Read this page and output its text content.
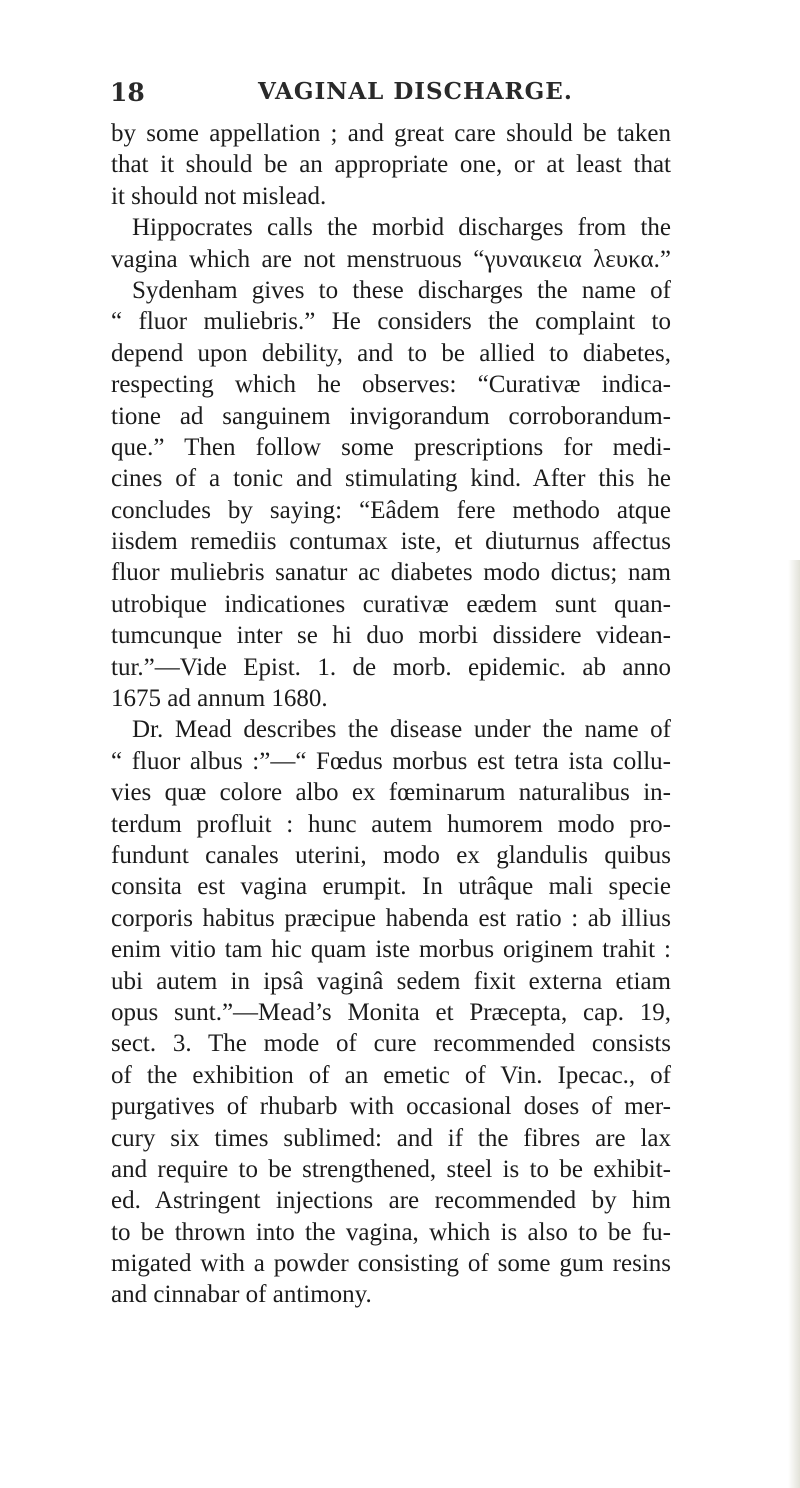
18	VAGINAL DISCHARGE.
by some appellation ; and great care should be taken
that it should be an appropriate one, or at least that
it should not mislead.
Hippocrates calls the morbid discharges from the
vagina which are not menstruous “γυναικεια λευκα.”
Sydenham gives to these discharges the name of
“ fluor muliebris.” He considers the complaint to
depend upon debility, and to be allied to diabetes,
respecting which he observes: “Curativæ indica-
tione ad sanguinem invigorandum corroborandum-
que.” Then follow some prescriptions for medi-
cines of a tonic and stimulating kind. After this he
concludes by saying: “Eâdem fere methodo atque
iisdem remediis contumax iste, et diuturnus affectus
fluor muliebris sanatur ac diabetes modo dictus; nam
utrobique indicationes curativæ eædem sunt quan-
tumcunque inter se hi duo morbi dissidere videan-
tur.”—Vide Epist. 1. de morb. epidemic. ab anno
1675 ad annum 1680.
Dr. Mead describes the disease under the name of
“ fluor albus :”—“ Fœdus morbus est tetra ista collu-
vies quæ colore albo ex fœminarum naturalibus in-
terdum profluit : hunc autem humorem modo pro-
fundunt canales uterini, modo ex glandulis quibus
consita est vagina erumpit. In utrâque mali specie
corporis habitus præcipue habenda est ratio : ab illius
enim vitio tam hic quam iste morbus originem trahit :
ubi autem in ipsâ vaginâ sedem fixit externa etiam
opus sunt.”—Mead’s Monita et Præcepta, cap. 19,
sect. 3. The mode of cure recommended consists
of the exhibition of an emetic of Vin. Ipecac., of
purgatives of rhubarb with occasional doses of mer-
cury six times sublimed: and if the fibres are lax
and require to be strengthened, steel is to be exhibit-
ed. Astringent injections are recommended by him
to be thrown into the vagina, which is also to be fu-
migated with a powder consisting of some gum resins
and cinnabar of antimony.
